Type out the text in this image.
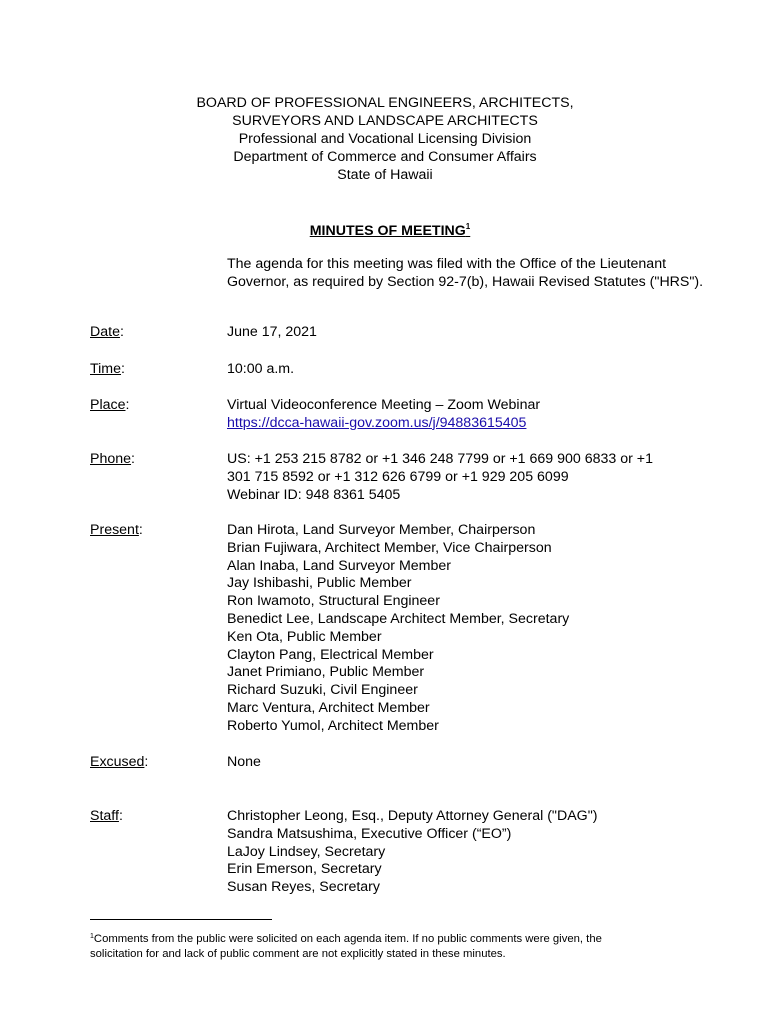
BOARD OF PROFESSIONAL ENGINEERS, ARCHITECTS,
SURVEYORS AND LANDSCAPE ARCHITECTS
Professional and Vocational Licensing Division
Department of Commerce and Consumer Affairs
State of Hawaii
MINUTES OF MEETING$^1$
The agenda for this meeting was filed with the Office of the Lieutenant Governor, as required by Section 92-7(b), Hawaii Revised Statutes ("HRS").
Date:	June 17, 2021
Time:	10:00 a.m.
Place:	Virtual Videoconference Meeting – Zoom Webinar
https://dcca-hawaii-gov.zoom.us/j/94883615405
Phone:	US: +1 253 215 8782 or +1 346 248 7799 or +1 669 900 6833 or +1
301 715 8592 or +1 312 626 6799 or +1 929 205 6099
Webinar ID: 948 8361 5405
Present:	Dan Hirota, Land Surveyor Member, Chairperson
Brian Fujiwara, Architect Member, Vice Chairperson
Alan Inaba, Land Surveyor Member
Jay Ishibashi, Public Member
Ron Iwamoto, Structural Engineer
Benedict Lee, Landscape Architect Member, Secretary
Ken Ota, Public Member
Clayton Pang, Electrical Member
Janet Primiano, Public Member
Richard Suzuki, Civil Engineer
Marc Ventura, Architect Member
Roberto Yumol, Architect Member
Excused:	None
Staff:	Christopher Leong, Esq., Deputy Attorney General ("DAG")
Sandra Matsushima, Executive Officer (“EO”)
LaJoy Lindsey, Secretary
Erin Emerson, Secretary
Susan Reyes, Secretary
$^1$Comments from the public were solicited on each agenda item. If no public comments were given, the
solicitation for and lack of public comment are not explicitly stated in these minutes.
